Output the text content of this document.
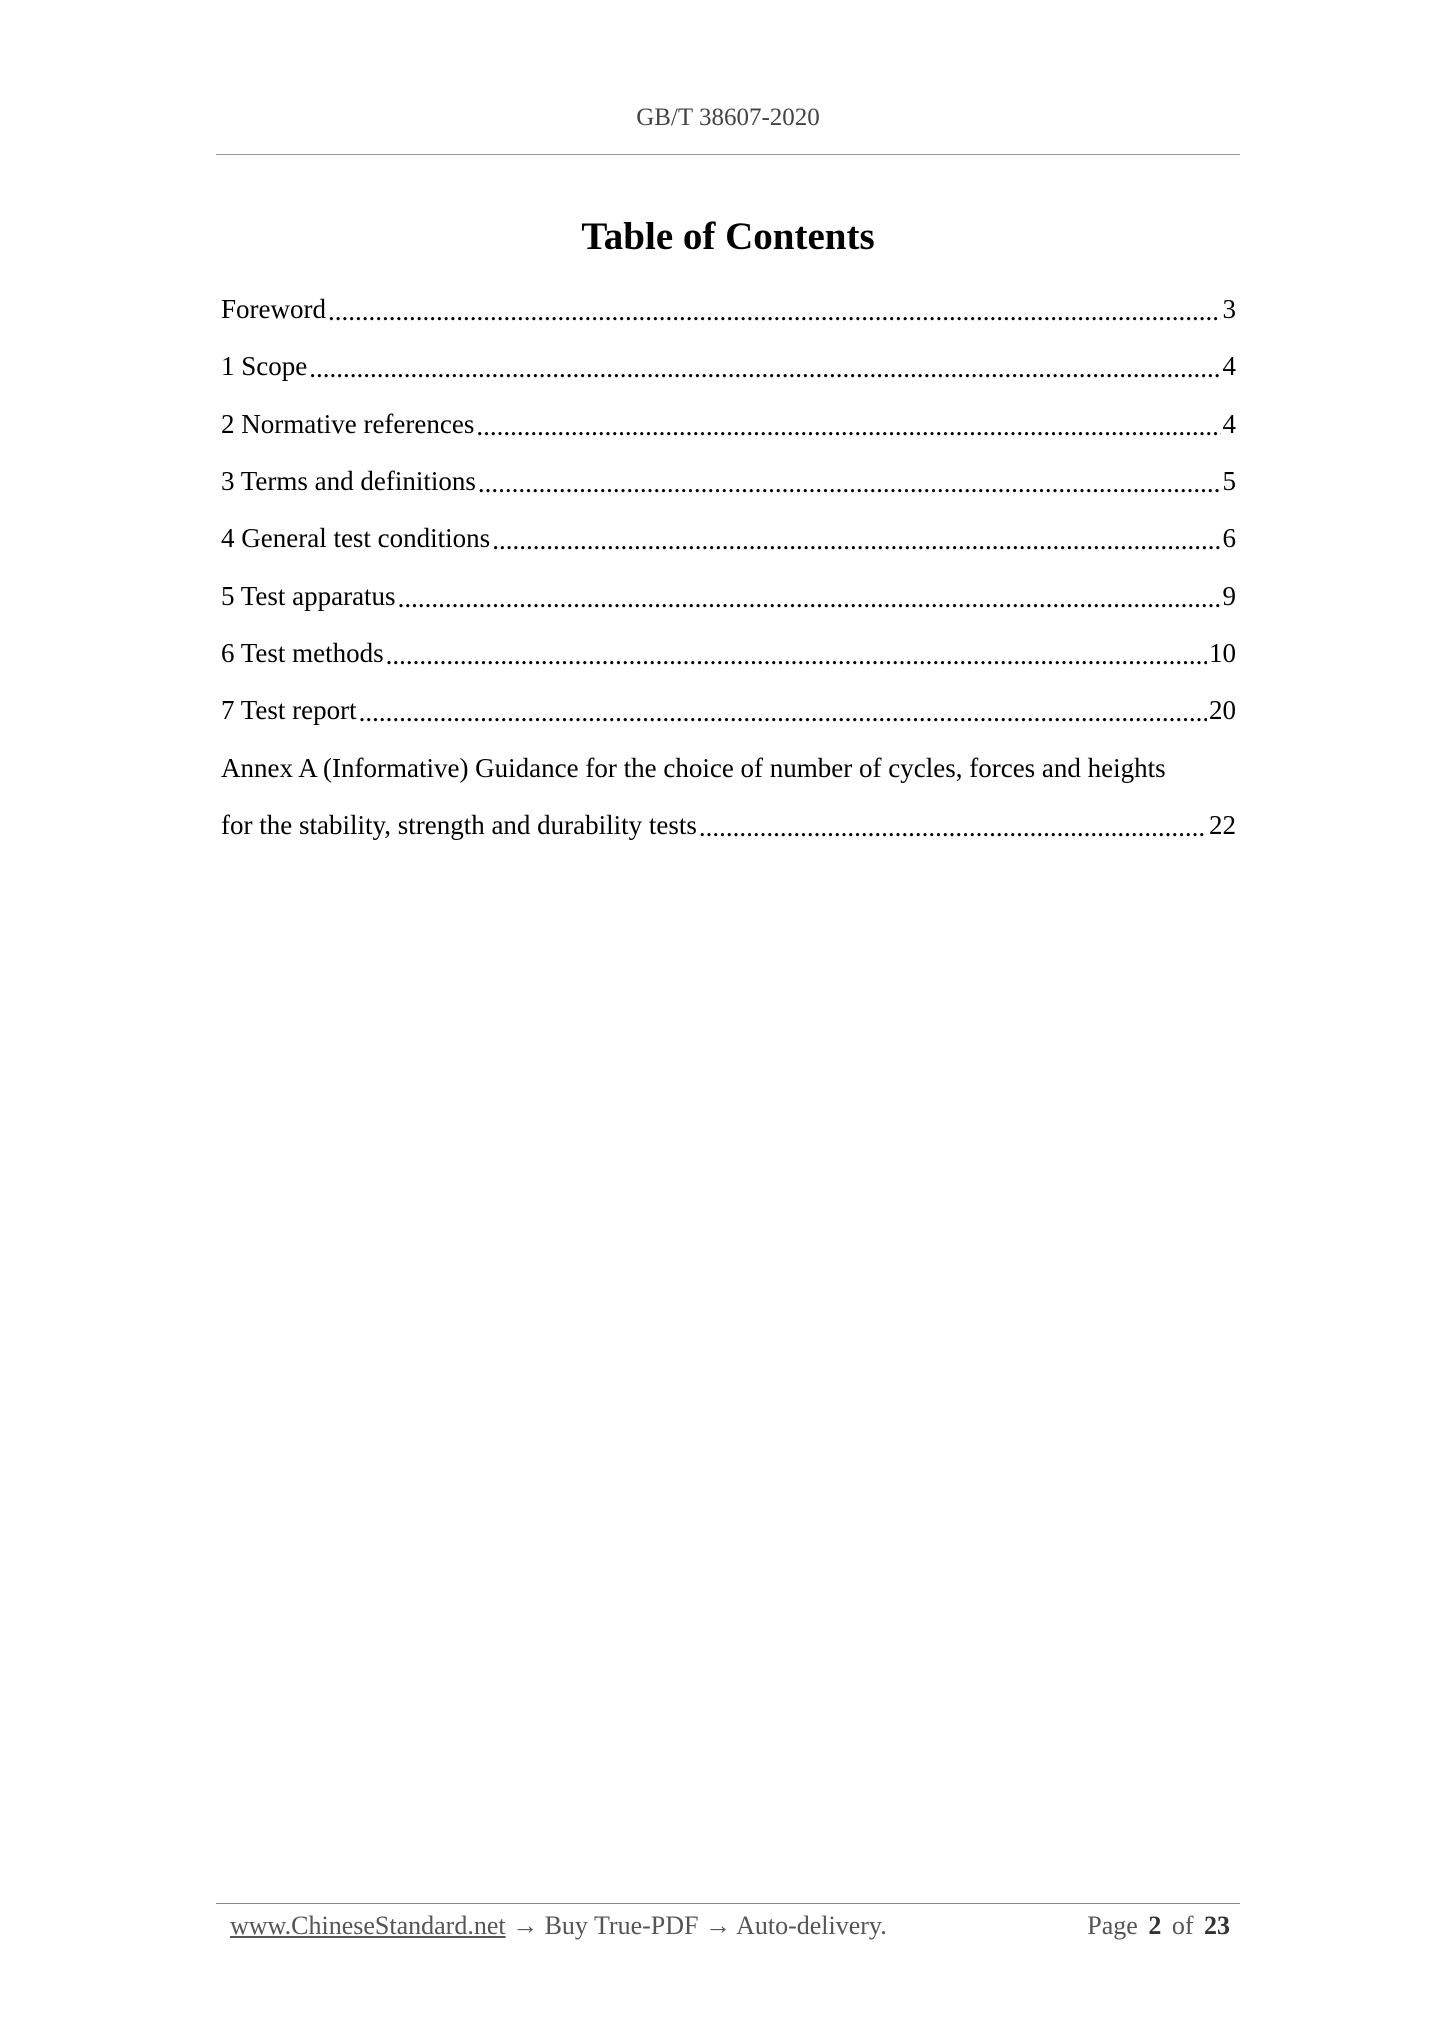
GB/T 38607-2020
Table of Contents
Foreword .....	3
1 Scope .....	4
2 Normative references .....	4
3 Terms and definitions .....	5
4 General test conditions .....	6
5 Test apparatus .....	9
6 Test methods .....	10
7 Test report .....	20
Annex A (Informative) Guidance for the choice of number of cycles, forces and heights
for the stability, strength and durability tests .....	22
www.ChineseStandard.net → Buy True-PDF → Auto-delivery.	Page 2 of 23
